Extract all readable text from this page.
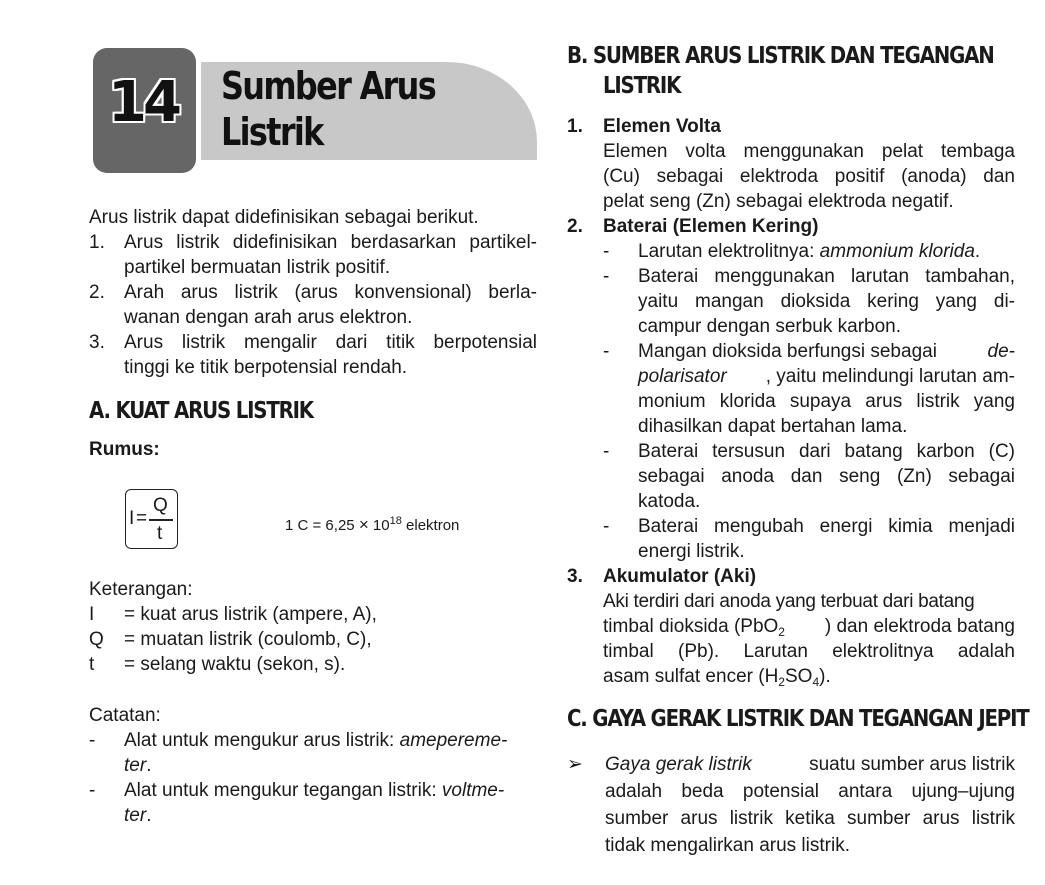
14 Sumber Arus
Listrik
Arus listrik dapat didefinisikan sebagai berikut.
1. Arus listrik didefinisikan berdasarkan partikel-
partikel bermuatan listrik positif.
2. Arah arus listrik (arus konvensional) berla-
wanan dengan arah arus elektron.
3. Arus listrik mengalir dari titik berpotensial
tinggi ke titik berpotensial rendah.
A. KUAT ARUS LISTRIK
Rumus:
I =
Q
t	1 $C = 6,25 \times 10^{18}$ elektron
Keterangan:
I = kuat arus listrik (ampere, A),
Q = muatan listrik (coulomb, C),
t = selang waktu (sekon, s).
Catatan:
- Alat untuk mengukur arus listrik: amepereme-
ter.
- Alat untuk mengukur tegangan listrik: voltme-
ter.
B. SUMBER ARUS LISTRIK DAN TEGANGAN
LISTRIK
1. Elemen Volta
Elemen volta menggunakan pelat tembaga
(Cu) sebagai elektroda positif (anoda) dan
pelat seng (Zn) sebagai elektroda negatif.
2. Baterai (Elemen Kering)
- Larutan elektrolitnya: ammonium klorida.
- Baterai menggunakan larutan tambahan,
yaitu mangan dioksida kering yang di-
campur dengan serbuk karbon.
- Mangan dioksida berfungsi sebagai	de-
polarisator , yaitu melindungi larutan am-
monium klorida supaya arus listrik yang
dihasilkan dapat bertahan lama.
- Baterai tersusun dari batang karbon (C)
sebagai anoda dan seng (Zn) sebagai
katoda.
- Baterai mengubah energi kimia menjadi
energi listrik.
3. Akumulator (Aki)
Aki terdiri dari anoda yang terbuat dari batang
timbal dioksida (PbO$_2$ ) dan elektroda batang
timbal (Pb). Larutan elektrolitnya adalah
asam sulfat encer $(H_2SO_4)$.
C. GAYA GERAK LISTRIK DAN TEGANGAN JEPIT
➢ Gaya gerak listrik	suatu sumber arus listrik
adalah beda potensial antara ujung–ujung
sumber arus listrik ketika sumber arus listrik
tidak mengalirkan arus listrik.
